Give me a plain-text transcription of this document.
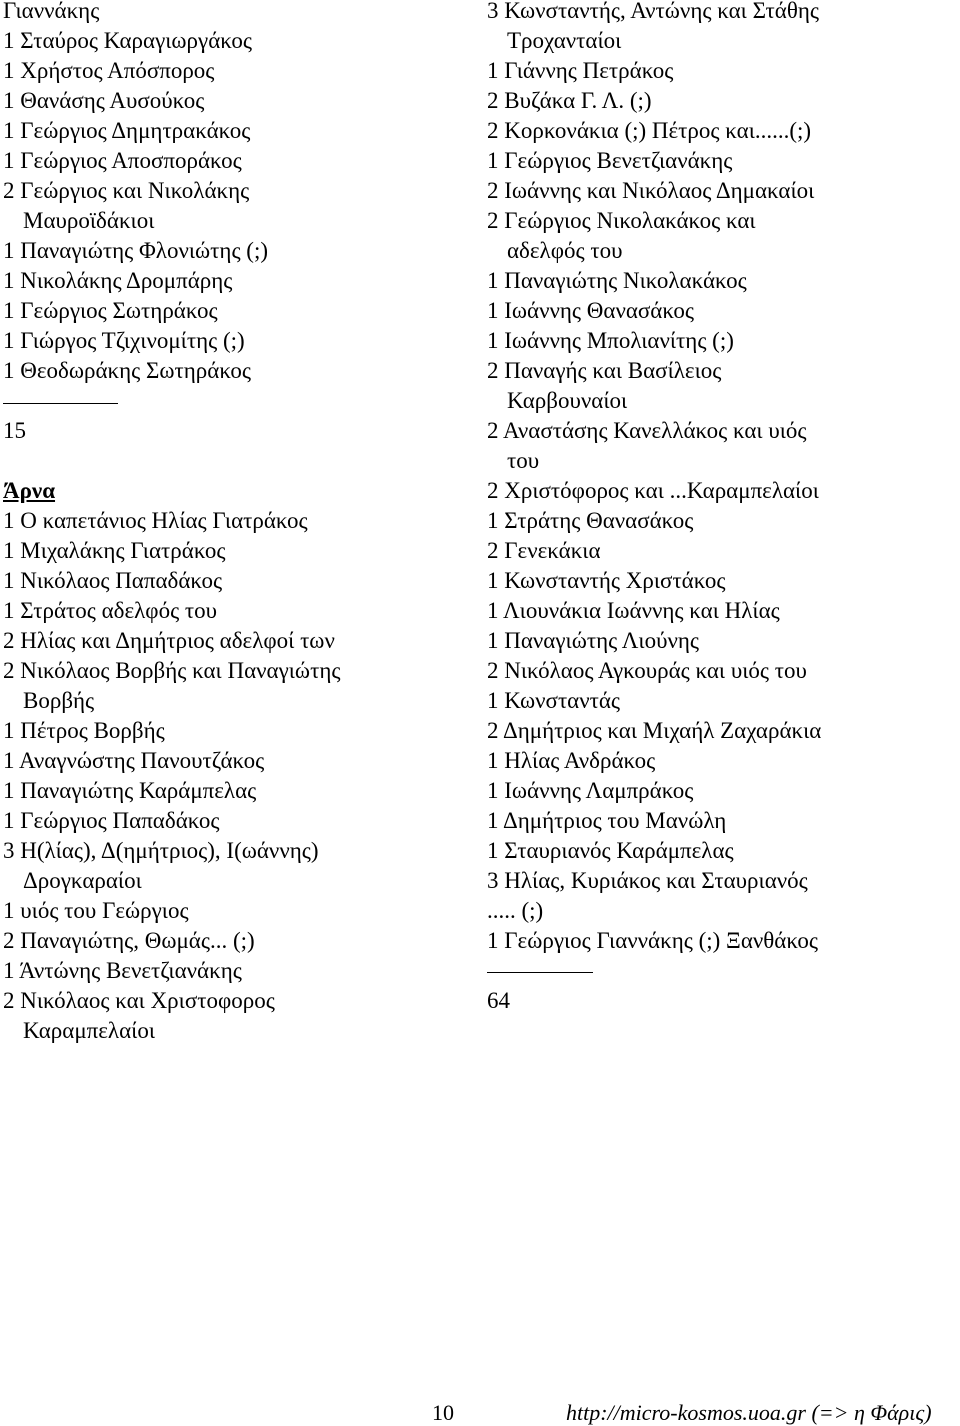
Γιαννάκης
1 Σταύρος Καραγιωργάκος
1 Χρήστος Απόσπορος
1 Θανάσης Αυσούκος
1 Γεώργιος Δημητρακάκος
1 Γεώργιος Αποσποράκος
2 Γεώργιος και Νικολάκης
Μαυροϊδάκιοι
1 Παναγιώτης Φλονιώτης (;)
1 Νικολάκης Δρομπάρης
1 Γεώργιος Σωτηράκος
1 Γιώργος Τζιχινομίτης (;)
1 Θεοδωράκης Σωτηράκος
15
Άρνα
1 Ο καπετάνιος Ηλίας Γιατράκος
1 Μιχαλάκης Γιατράκος
1 Νικόλαος Παπαδάκος
1 Στράτος αδελφός του
2 Ηλίας και Δημήτριος αδελφοί των
2 Νικόλαος Βορβής και Παναγιώτης
Βορβής
1 Πέτρος Βορβής
1 Αναγνώστης Πανουτζάκος
1 Παναγιώτης Καράμπελας
1 Γεώργιος Παπαδάκος
3 Η(λίας), Δ(ημήτριος), Ι(ωάννης)
Δρογκαραίοι
1 υιός του Γεώργιος
2 Παναγιώτης, Θωμάς... (;)
1 Άντώνης Βενετζιανάκης
2 Νικόλαος και Χριστοφορος
Καραμπελαίοι
3 Κωνσταντής, Αντώνης και Στάθης
Τροχανταίοι
1 Γιάννης Πετράκος
2 Βυζάκα Γ. Λ. (;)
2 Κορκονάκια (;) Πέτρος και......(;)
1 Γεώργιος Βενετζιανάκης
2 Ιωάννης και Νικόλαος Δημακαίοι
2 Γεώργιος Νικολακάκος και
αδελφός του
1 Παναγιώτης Νικολακάκος
1 Ιωάννης Θανασάκος
1 Ιωάννης Μπολιανίτης (;)
2 Παναγής και Βασίλειος
Καρβουναίοι
2 Αναστάσης Κανελλάκος και υιός
του
2 Χριστόφορος και ...Καραμπελαίοι
1 Στράτης Θανασάκος
2 Γενεκάκια
1 Κωνσταντής Χριστάκος
1 Λιουνάκια Ιωάννης και Ηλίας
1 Παναγιώτης Λιούνης
2 Νικόλαος Αγκουράς και υιός του
1 Κωνσταντάς
2 Δημήτριος και Μιχαήλ Ζαχαράκια
1 Ηλίας Ανδράκος
1 Ιωάννης Λαμπράκος
1 Δημήτριος του Μανώλη
1 Σταυριανός Καράμπελας
3 Ηλίας, Κυριάκος και Σταυριανός
..... (;)
1 Γεώργιος Γιαννάκης (;) Ξανθάκος
64
10	http://micro-kosmos.uoa.gr (=> η Φάρις)
